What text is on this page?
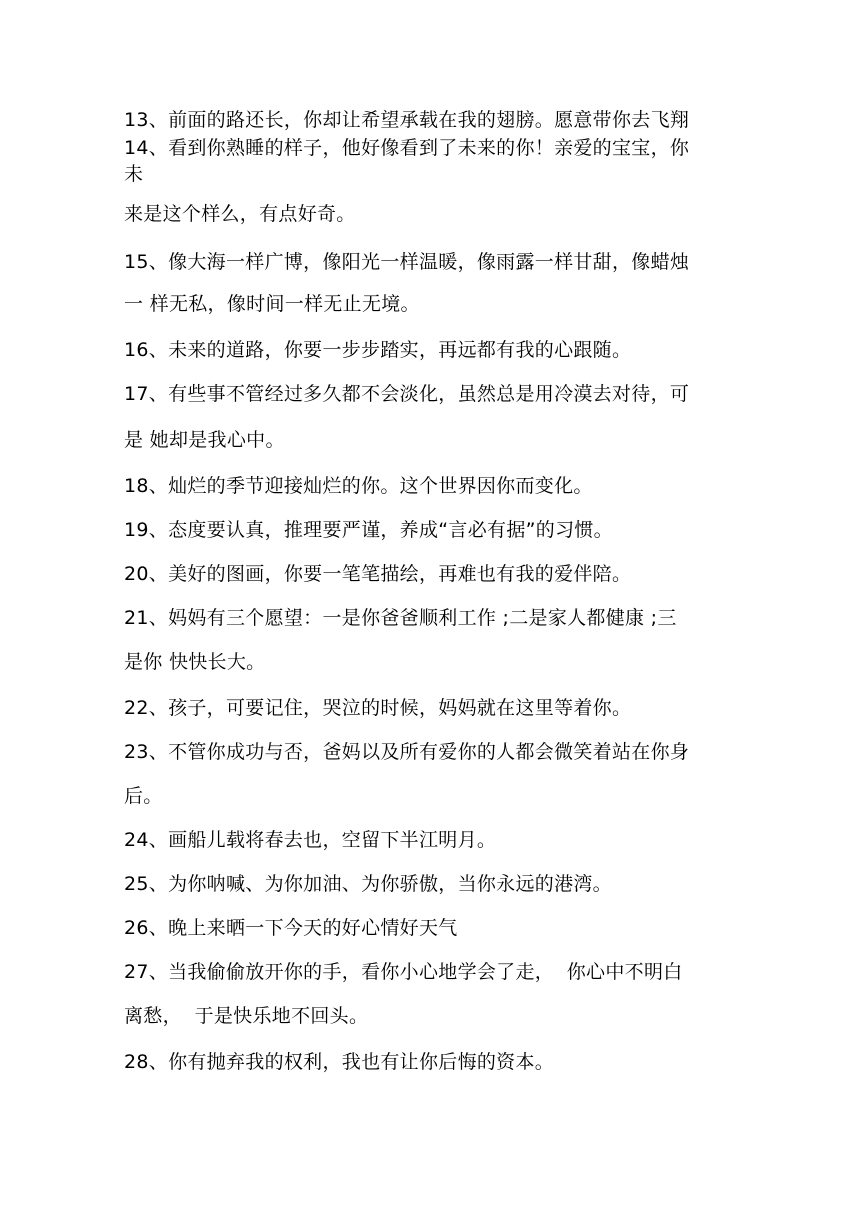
13、前面的路还长，你却让希望承载在我的翅膀。愿意带你去飞翔
14、看到你熟睡的样子，他好像看到了未来的你！亲爱的宝宝，你
未
来是这个样么，有点好奇。
15、像大海一样广博，像阳光一样温暖，像雨露一样甘甜，像蜡烛
一 样无私，像时间一样无止无境。
16、未来的道路，你要一步步踏实，再远都有我的心跟随。
17、有些事不管经过多久都不会淡化，虽然总是用冷漠去对待，可
是 她却是我心中。
18、灿烂的季节迎接灿烂的你。这个世界因你而变化。
19、态度要认真，推理要严谨，养成“言必有据”的习惯。
20、美好的图画，你要一笔笔描绘，再难也有我的爱伴陪。
21、妈妈有三个愿望：一是你爸爸顺利工作 ;二是家人都健康 ;三
是你 快快长大。
22、孩子，可要记住，哭泣的时候，妈妈就在这里等着你。
23、不管你成功与否，爸妈以及所有爱你的人都会微笑着站在你身
后。
24、画船儿载将春去也，空留下半江明月。
25、为你呐喊、为你加油、为你骄傲，当你永远的港湾。
26、晚上来晒一下今天的好心情好天气
27、当我偷偷放开你的手，看你小心地学会了走，  你心中不明白
离愁，  于是快乐地不回头。
28、你有抛弃我的权利，我也有让你后悔的资本。
